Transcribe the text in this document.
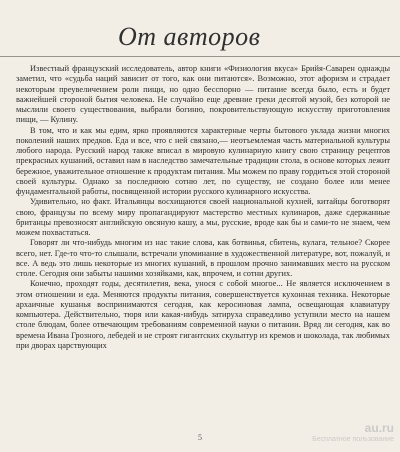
От авторов

Известный французский исследователь, автор книги «Физиология вкуса» Брийя-Саварен однажды заметил, что «судьба наций зависит от того, как они питаются». Возможно, этот афоризм и страдает некоторым преувеличением роли пищи, но одно бесспорно — питание всегда было, есть и будет важнейшей стороной бытия человека. Не случайно еще древние греки десятой музой, без которой не мыслили своего существования, выбрали богиню, покровительствующую искусству приготовления пищи, — Кулину.

В том, что и как мы едим, ярко проявляются характерные черты бытового уклада жизни многих поколений наших предков. Еда и все, что с ней связано,— неотъемлемая часть материальной культуры любого народа. Русский народ также вписал в мировую кулинарную книгу свою страницу рецептов прекрасных кушаний, оставил нам в наследство замечательные традиции стола, в основе которых лежит бережное, уважительное отношение к продуктам питания. Мы можем по праву гордиться этой стороной своей культуры. Однако за последнюю сотню лет, по существу, не создано более или менее фундаментальной работы, посвященной истории русского кулинарного искусства.

Удивительно, но факт. Итальянцы восхищаются своей национальной кухней, китайцы боготворят свою, французы по всему миру пропагандируют мастерство местных кулинаров, даже сдержанные британцы превозносят английскую овсяную кашу, а мы, русские, вроде как бы и сами-то не знаем, чем можем похвастаться.

Говорят ли что-нибудь многим из нас такие слова, как ботвинья, сбитень, кулага, тельное? Скорее всего, нет. Где-то что-то слышали, встречали упоминание в художественной литературе, вот, пожалуй, и все. А ведь это лишь некоторые из многих кушаний, в прошлом прочно занимавших место на русском столе. Сегодня они забыты нашими хозяйками, как, впрочем, и сотни других.

Конечно, проходят годы, десятилетия, века, унося с собой многое... Не является исключением в этом отношении и еда. Меняются продукты питания, совершенствуется кухонная техника. Некоторые архаичные кушанья воспринимаются сегодня, как керосиновая лампа, освещающая клавиатуру компьютера. Действительно, тюря или какая-нибудь затируха справедливо уступили место на нашем столе блюдам, более отвечающим требованиям современной науки о питании. Вряд ли сегодня, как во времена Ивана Грозного, лебедей и не строят гигантских скульптур из кремов и шоколада, так любимых при дворах царствующих

5
au.ru
Бесплатное пользование
